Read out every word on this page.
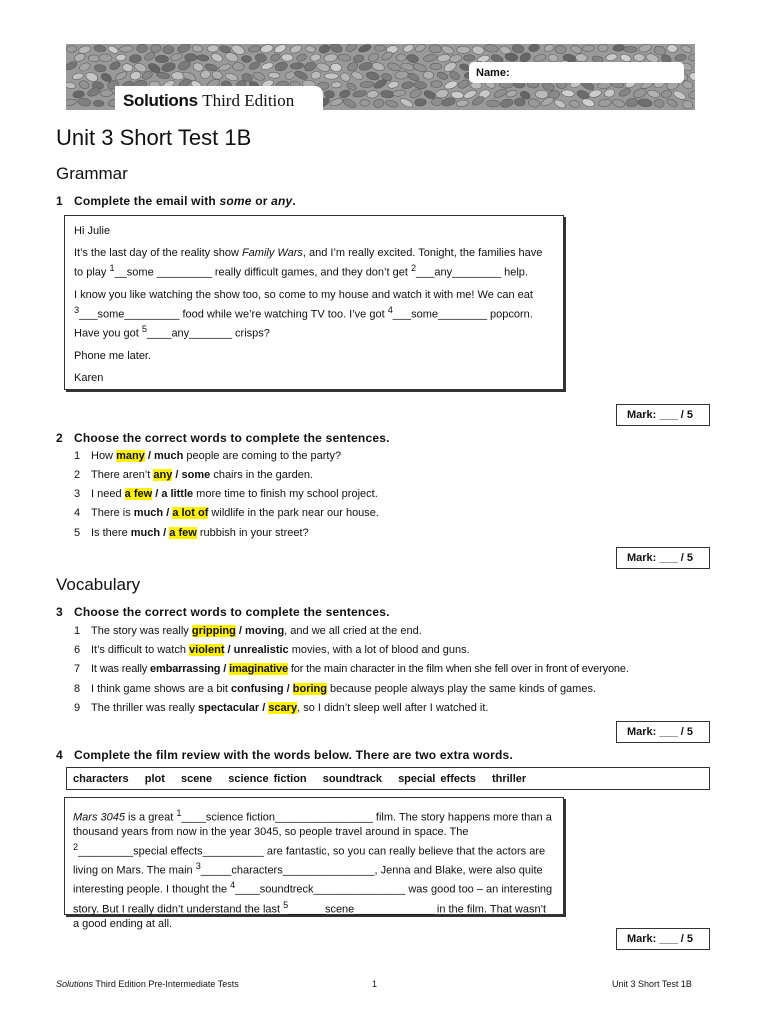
Name:
Solutions Third Edition
Unit 3 Short Test 1B
Grammar
1 Complete the email with some or any.

Hi Julie

It’s the last day of the reality show Family Wars, and I’m really excited. Tonight, the families have to play $^1$__some _________ really difficult games, and they don’t get $^2$___any________ help.

I know you like watching the show too, so come to my house and watch it with me! We can eat $^3$___some_________ food while we’re watching TV too. I’ve got $^4$___some________ popcorn. Have you got $^5$____any_______ crisps?

Phone me later.

Karen

Mark: ___ / 5
2 Choose the correct words to complete the sentences.
1 How many / much people are coming to the party?
2 There aren’t any / some chairs in the garden.
3 I need a few / a little more time to finish my school project.
4 There is much / a lot of wildlife in the park near our house.
5 Is there much / a few rubbish in your street?
Mark: ___ / 5
Vocabulary
3 Choose the correct words to complete the sentences.
1 The story was really gripping / moving, and we all cried at the end.
6 It’s difficult to watch violent / unrealistic movies, with a lot of blood and guns.
7 It was really embarrassing / imaginative for the main character in the film when she fell over in front of everyone.
8 I think game shows are a bit confusing / boring because people always play the same kinds of games.
9 The thriller was really spectacular / scary, so I didn’t sleep well after I watched it.
Mark: ___ / 5
4 Complete the film review with the words below. There are two extra words.
characters plot scene science fiction soundtrack special effects thriller
Mars 3045 is a great $^1$____science fiction________________ film. The story happens more than a thousand years from now in the year 3045, so people travel around in space. The $^2$_________special effects__________ are fantastic, so you can really believe that the actors are living on Mars. The main $^3$_____characters_______________, Jenna and Blake, were also quite interesting people. I thought the $^4$____soundtreck_______________ was good too – an interesting story. But I really didn’t understand the last $^5$______scene_____________ in the film. That wasn’t a good ending at all.
Mark: ___ / 5
Solutions Third Edition Pre-Intermediate Tests	1	Unit 3 Short Test 1B
